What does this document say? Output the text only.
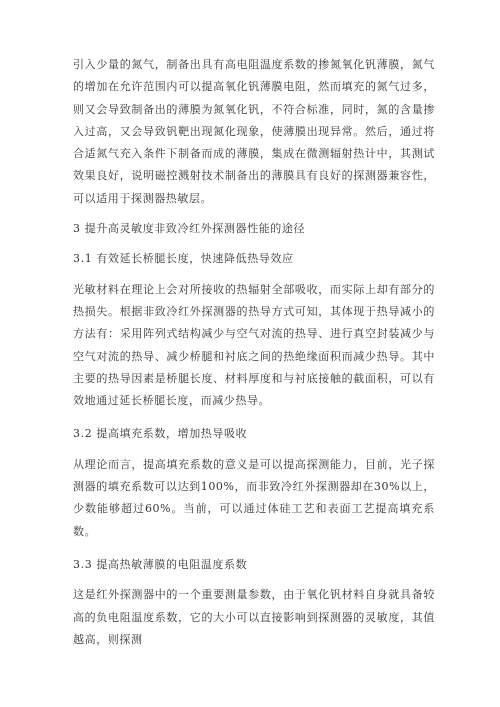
引入少量的氮气，制备出具有高电阻温度系数的掺氮氧化钒薄膜，氮气的增加在允许范围内可以提高氧化钒薄膜电阻，然而填充的氮气过多，则又会导致制备出的薄膜为氮氧化钒，不符合标准，同时，氮的含量掺入过高，又会导致钒靶出现氮化现象，使薄膜出现异常。然后，通过将合适氮气充入条件下制备而成的薄膜，集成在微测辐射热计中，其测试效果良好，说明磁控溅射技术制备出的薄膜具有良好的探测器兼容性，可以适用于探测器热敏层。

3 提升高灵敏度非致冷红外探测器性能的途径

3.1 有效延长桥腿长度，快速降低热导效应

光敏材料在理论上会对所接收的热辐射全部吸收，而实际上却有部分的热损失。根据非致冷红外探测器的热导方式可知，其体现于热导减小的方法有：采用阵列式结构减少与空气对流的热导、进行真空封装减少与空气对流的热导、减少桥腿和衬底之间的热绝缘面积而减少热导。其中主要的热导因素是桥腿长度、材料厚度和与衬底接触的截面积，可以有效地通过延长桥腿长度，而减少热导。

3.2 提高填充系数，增加热导吸收

从理论而言，提高填充系数的意义是可以提高探测能力，目前，光子探测器的填充系数可以达到100%，而非致冷红外探测器却在30%以上，少数能够超过60%。当前，可以通过体硅工艺和表面工艺提高填充系数。

3.3 提高热敏薄膜的电阻温度系数

这是红外探测器中的一个重要测量参数，由于氧化钒材料自身就具备较高的负电阻温度系数，它的大小可以直接影响到探测器的灵敏度，其值越高，则探测
